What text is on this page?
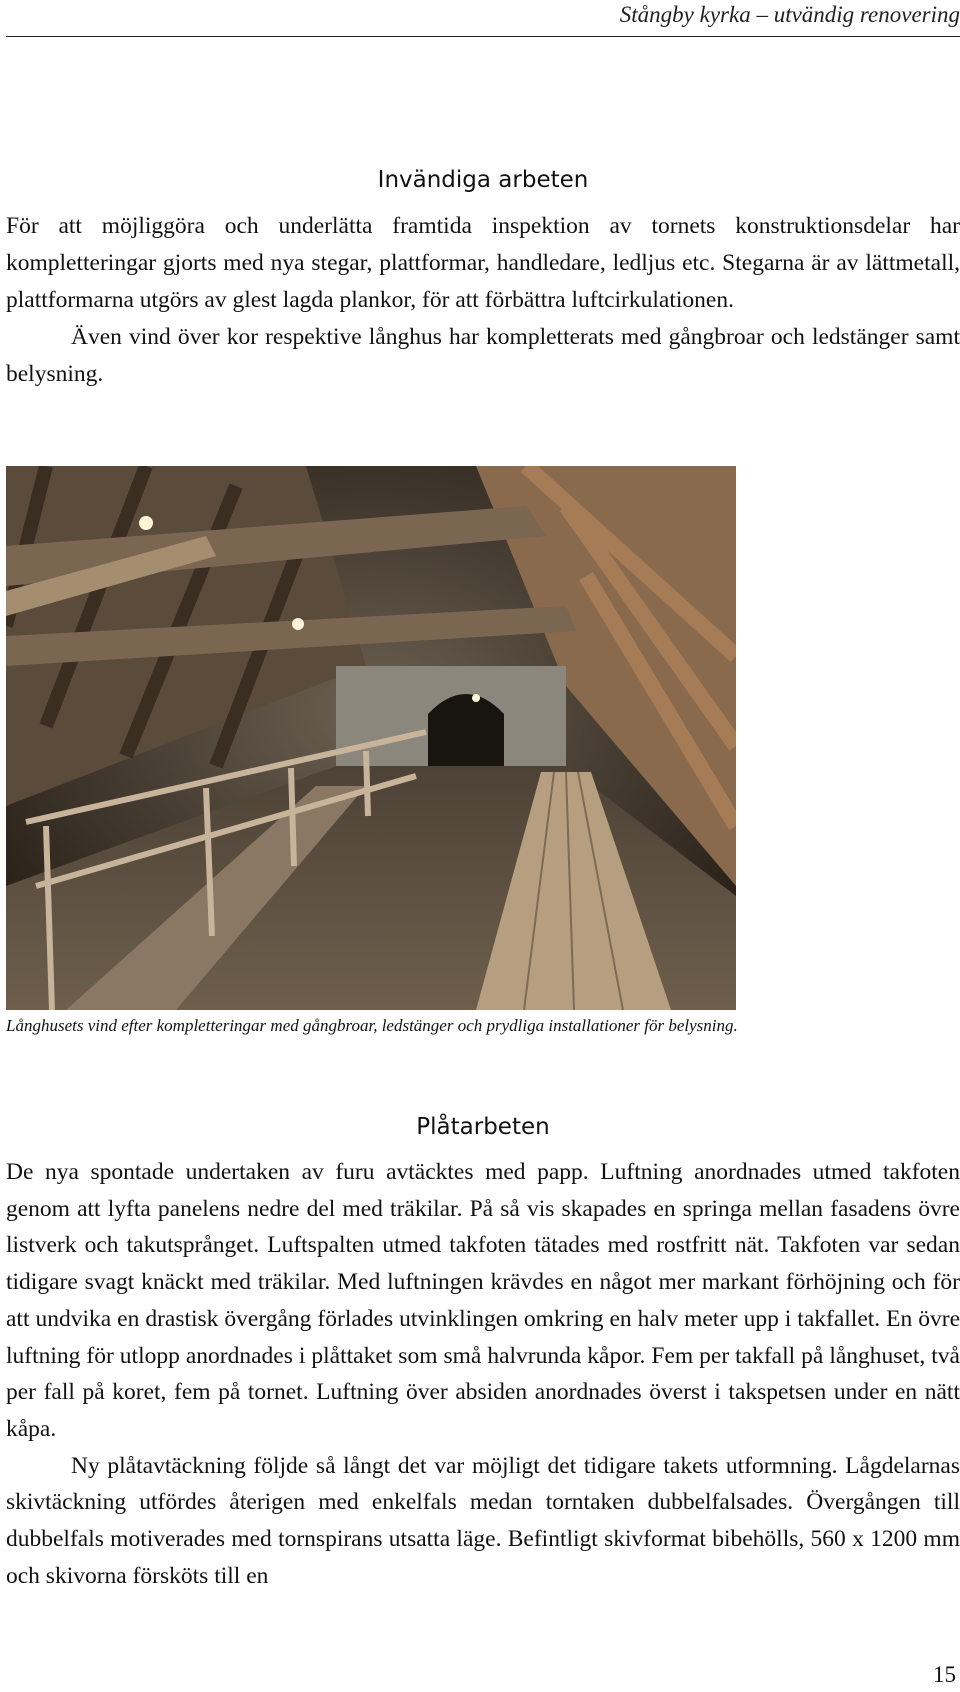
Stångby kyrka – utvändig renovering
Invändiga arbeten

För att möjliggöra och underlätta framtida inspektion av tornets konstruktionsdelar har kompletteringar gjorts med nya stegar, plattformar, handledare, ledljus etc. Stegarna är av lättmetall, plattformarna utgörs av glest lagda plankor, för att förbättra luftcirkulationen.

Även vind över kor respektive långhus har kompletterats med gångbroar och ledstänger samt belysning.

Långhusets vind efter kompletteringar med gångbroar, ledstänger och prydliga installationer för belysning.
Plåtarbeten

De nya spontade undertaken av furu avtäcktes med papp. Luftning anordnades utmed takfoten genom att lyfta panelens nedre del med träkilar. På så vis skapades en springa mellan fasadens övre listverk och takutsprånget. Luftspalten utmed takfoten tätades med rostfritt nät. Takfoten var sedan tidigare svagt knäckt med träkilar. Med luftningen krävdes en något mer markant förhöjning och för att undvika en drastisk övergång förlades utvinklingen omkring en halv meter upp i takfallet. En övre luftning för utlopp anordnades i plåttaket som små halvrunda kåpor. Fem per takfall på långhuset, två per fall på koret, fem på tornet. Luftning över absiden anordnades överst i takspetsen under en nätt kåpa.

Ny plåtavtäckning följde så långt det var möjligt det tidigare takets utformning. Lågdelarnas skivtäckning utfördes återigen med enkelfals medan torntaken dubbelfalsades. Övergången till dubbelfals motiverades med tornspirans utsatta läge. Befintligt skivformat bibehölls, 560 x 1200 mm och skivorna försköts till en

15
